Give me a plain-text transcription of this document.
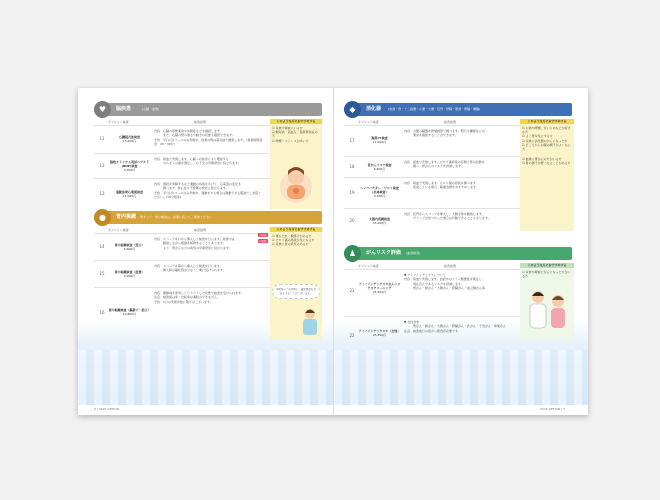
♥	脳疾患	(心臓・血管)
オプション検査	検査説明
11	心臓超音波検査
13,200円
内容　心臓の形態異常や弁膜症などを確認します。
　　　また、心臓の壁の厚さや動きの状態も確認できます。
予約　平日(月)コースのみ実施中。検査の際は超音波で観察します。（検査時間目安：20～30分）
12
脳性ナトリウム利尿ペプチド(BNP)検査
3,300円
内容　採血で実施します。心臓への負担により増加する
　　　ホルモンの値を測定し、心不全の早期発見に役立ちます。
13	運動負荷心電図検査
11,000円
内容　階段を昇降するなど運動の負荷をかけて、心電図の変化を
　　　調べます。狭心症や不整脈の発見に役立ちます。
予約　平日(月)コースのみ実施中。運動をする場合は運動できる服装でご来院ください。(15分程度)
このような方におすすめする
☑ 家族や親戚にいる方
☑ 糖尿病・高血圧・脂質異常症の方
☑ 喫煙・ストレスが多い方
●	胃内視鏡 胃カメラ・胃の検査は、必要に応じてご相談ください
オプション検査	検査説明
14	胃内視鏡検査（経口）
6,600円
内容　スコープを口から挿入して検査を行います。検査中は
　　　観察しながら組織を採取することもあります。
　　　より、胃がんなどの病気の早期発見に役立ちます。
15	胃内視鏡検査（経鼻）
9,900円
内容　スコープを鼻から挿入して検査を行います。
　　　挿入時の嘔吐感が少なく、楽に受けられます。
16	胃内視鏡検査（鎮静下・経口）
19,800円
内容　鎮静剤を使用してウトウトした状態で検査を受けられます。
注意　検査後は車・自転車の運転ができません。
予約　1日の実施件数に限りがございます。
内視鏡
内視鏡
このような方におすすめする
☑ 胃もたれ・胸焼けがある方
☑ ピロリ菌の感染が気になる方
☑ 家族に胃の病気のある方
※眼科のご予約時に、確認事項をお伝えすることがございます。
6 | 2025 OPTION
◆	消化器 (食道・胃・十二指腸・小腸・大腸・肛門・肝臓・胆道・膵臓・脾臓)
オプション検査	検査説明
17	腹部CT検査
11,000円
内容　お腹の臓器を断層画像で調べます。胆石や腫瘍などの
　　　異常を確認することができます。
18	胃がんリスク検査
6,600円
内容　採血で実施します。ピロリ菌感染の有無と胃の状態を
　　　調べ、胃がんのリスクを評価します。
19
ヘリコバクター・ピロリ検査（抗体検査）
3,300円
内容　採血で実施します。ピロリ菌の感染を調べます。
　　　感染している場合、除菌治療をおすすめします。
20	大腸内視鏡検査
33,000円
内容　肛門からスコープを挿入し、大腸全体を観察します。
　　　ポリープが見つかった場合は切除できることもあります。
このような方におすすめする
☑ お酒や喫煙、甘いものなどが好きな方
☑ よく胃を気にする方
☑ 家族に消化器のがんになった方
☑ 日ごろからお腹の調子がよくない方
☑ 血縁に胃がんの方がいる方
☑ 胃の調子が悪くなることがある方
♟	がんリスク評価 (血液検査)
オプション検査	検査説明
21
アミノインデックス®がんリスクスクリーニング
25,300円
▼ アミノインデックスについて
内容　採血で実施します。血液中のアミノ酸濃度を測定し、
　　　現在がんであるリスクを評価します。
　　　胃がん・肺がん・大腸がん・膵臓がん・前立腺がん等
22
アミノインデックス®（女性）
25,300円
▼ 女性対象
　　　胃がん・肺がん・大腸がん・膵臓がん・乳がん・子宮がん・卵巣がん
注意　検査前日の夜から絶食が必要です。
このような方におすすめする
☑ 家族や親戚にがんになった方がいる方
2025 OPTION | 7
